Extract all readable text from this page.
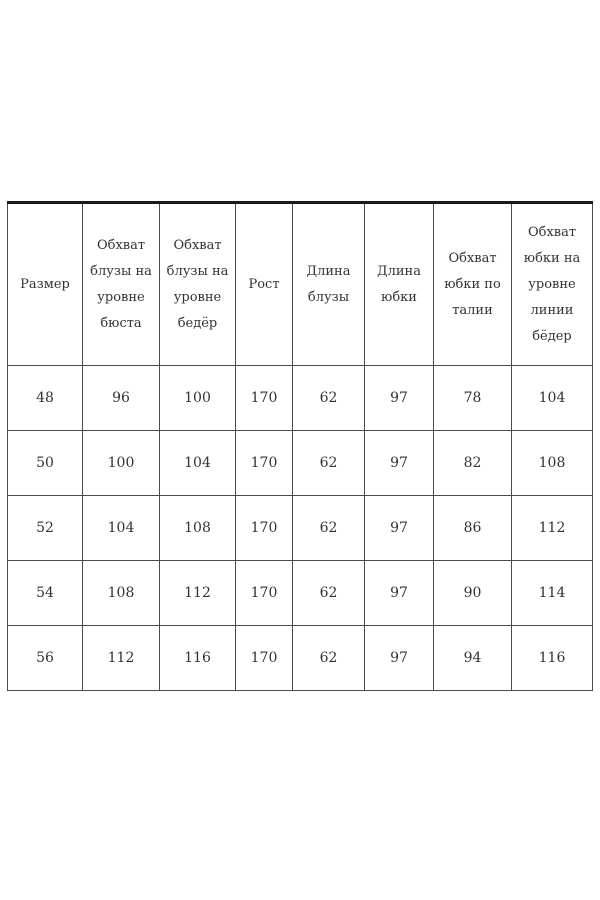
Размер	Обхват блузы на уровне бюста	Обхват блузы на уровне бедёр	Рост	Длина блузы	Длина юбки	Обхват юбки по талии	Обхват юбки на уровне линии бёдер

48	96	100	170	62	97	78	104
50	100	104	170	62	97	82	108
52	104	108	170	62	97	86	112
54	108	112	170	62	97	90	114
56	112	116	170	62	97	94	116
